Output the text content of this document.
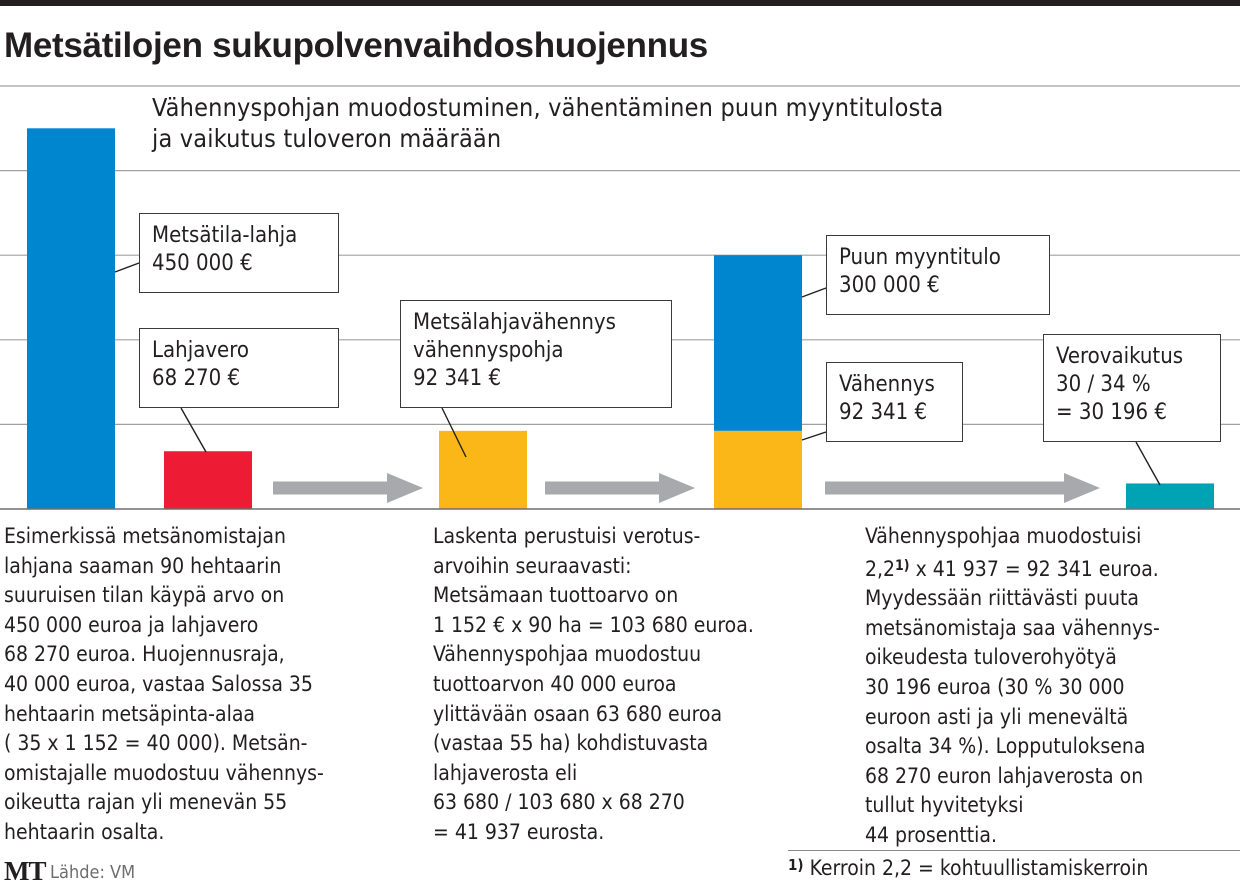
Metsätilojen sukupolvenvaihdoshuojennus
Vähennyspohjan muodostuminen, vähentäminen puun myyntitulosta
ja vaikutus tuloveron määrään
Metsätila-lahja
450 000 €
Lahjavero
68 270 €
Metsälahjavähennys
vähennyspohja
92 341 €
Puun myyntitulo
300 000 €
Vähennys
92 341 €
Verovaikutus
30 / 34 %
= 30 196 €
Esimerkissä metsänomistajan
lahjana saaman 90 hehtaarin
suuruisen tilan käypä arvo on
450 000 euroa ja lahjavero
68 270 euroa. Huojennusraja,
40 000 euroa, vastaa Salossa 35
hehtaarin metsäpinta-alaa
( 35 x 1 152 = 40 000). Metsän-
omistajalle muodostuu vähennys-
oikeutta rajan yli menevän 55
hehtaarin osalta.
Laskenta perustuisi verotus-
arvoihin seuraavasti:
Metsämaan tuottoarvo on
1 152 € x 90 ha = 103 680 euroa.
Vähennyspohjaa muodostuu
tuottoarvon 40 000 euroa
ylittävään osaan 63 680 euroa
(vastaa 55 ha) kohdistuvasta
lahjaverosta eli
63 680 / 103 680 x 68 270
= 41 937 eurosta.
Vähennyspohjaa muodostuisi
2,2$^{1)}$ x 41 937 = 92 341 euroa.
Myydessään riittävästi puuta
metsänomistaja saa vähennys-
oikeudesta tuloverohyötyä
30 196 euroa (30 % 30 000
euroon asti ja yli menevältä
osalta 34 %). Lopputuloksena
68 270 euron lahjaverosta on
tullut hyvitetyksi
44 prosenttia.
MT Lähde: VM	$^{1)}$ Kerroin 2,2 = kohtuullistamiskerroin
